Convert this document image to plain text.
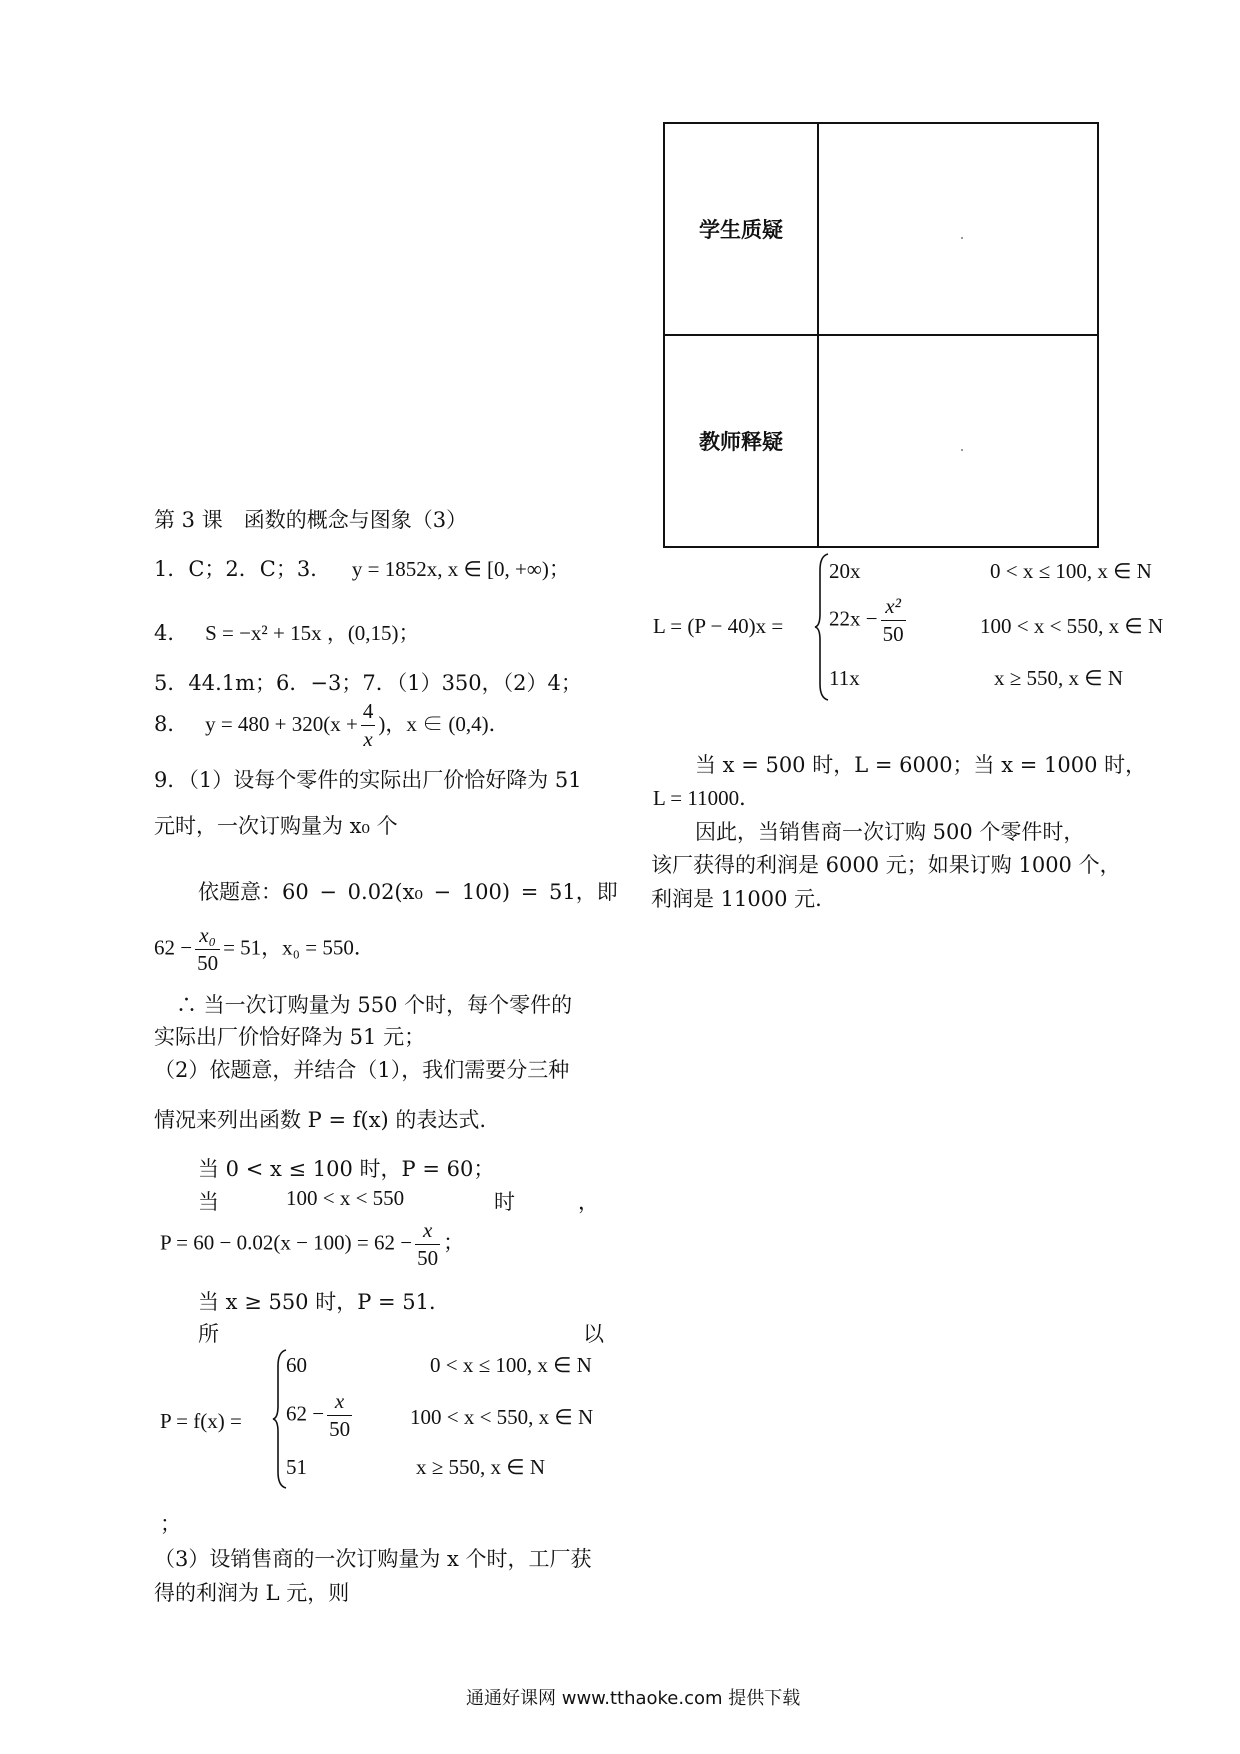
学生质疑	

教师释疑	
第 3 课　函数的概念与图象（3）
1．C；2．C；3． y = 1852x, x ∈ [0, +∞)；
4． S = −x² + 15x ，(0,15)；
5．44.1m；6．−3；7．（1）350，（2）4；
8． $y = 480 + 320(x + \frac{4}{x}$ )，x ∈ (0,4)．
9．（1）设每个零件的实际出厂价恰好降为 51
元时，一次订购量为 x₀ 个
依题意：60 − 0.02(x₀ − 100) = 51，即
$62 - \frac{\text{x₀}}{50} = 51$，x₀ = 550．
∴ 当一次订购量为 550 个时，每个零件的
实际出厂价恰好降为 51 元；
（2）依题意，并结合（1），我们需要分三种
情况来列出函数 P = f(x) 的表达式.
当 0 < x ≤ 100 时，P = 60；
当	100 < x < 550	时	，
$P = 60 - 0.02(x - 100) = 62 - \frac{x}{50}$ ；
当 x ≥ 550 时，P = 51．
所	以
P = f(x) =
60	0 < x ≤ 100, x ∈ N
$62 - \frac{x}{50}$	100 < x < 550, x ∈ N
51	x ≥ 550, x ∈ N
；
（3）设销售商的一次订购量为 x 个时，工厂获
得的利润为 L 元，则
L = (P − 40)x =
20x	0 < x ≤ 100, x ∈ N
$22x - \frac{\text{x²}}{50}$	100 < x < 550, x ∈ N
11x	x ≥ 550, x ∈ N
当 x = 500 时，L = 6000；当 x = 1000 时，
L = 11000．
因此，当销售商一次订购 500 个零件时，
该厂获得的利润是 6000 元；如果订购 1000 个，
利润是 11000 元.
通通好课网 www.tthaoke.com 提供下载
